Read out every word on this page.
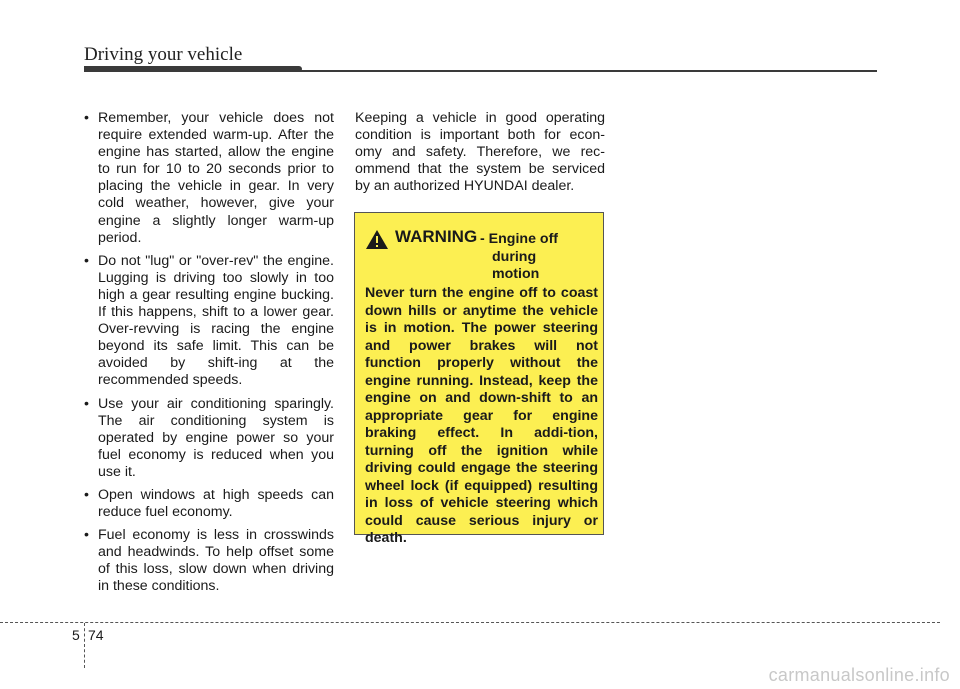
Driving your vehicle
• Remember, your vehicle does not require extended warm-up. After the engine has started, allow the engine to run for 10 to 20 seconds prior to placing the vehicle in gear. In very cold weather, however, give your engine a slightly longer warm-up period.
• Do not "lug" or "over-rev" the engine. Lugging is driving too slowly in too high a gear resulting engine bucking. If this happens, shift to a lower gear. Over-revving is racing the engine beyond its safe limit. This can be avoided by shift-ing at the recommended speeds.
• Use your air conditioning sparingly. The air conditioning system is operated by engine power so your fuel economy is reduced when you use it.
• Open windows at high speeds can reduce fuel economy.
• Fuel economy is less in crosswinds and headwinds. To help offset some of this loss, slow down when driving in these conditions.
Keeping a vehicle in good operating condition is important both for econ-omy and safety. Therefore, we rec-ommend that the system be serviced by an authorized HYUNDAI dealer.
WARNING - Engine off
during
motion
Never turn the engine off to coast down hills or anytime the vehicle is in motion. The power steering and power brakes will not function properly without the engine running. Instead, keep the engine on and down-shift to an appropriate gear for engine braking effect. In addi-tion, turning off the ignition while driving could engage the steering wheel lock (if equipped) resulting in loss of vehicle steering which could cause serious injury or death.
5 74
carmanualsonline.info
